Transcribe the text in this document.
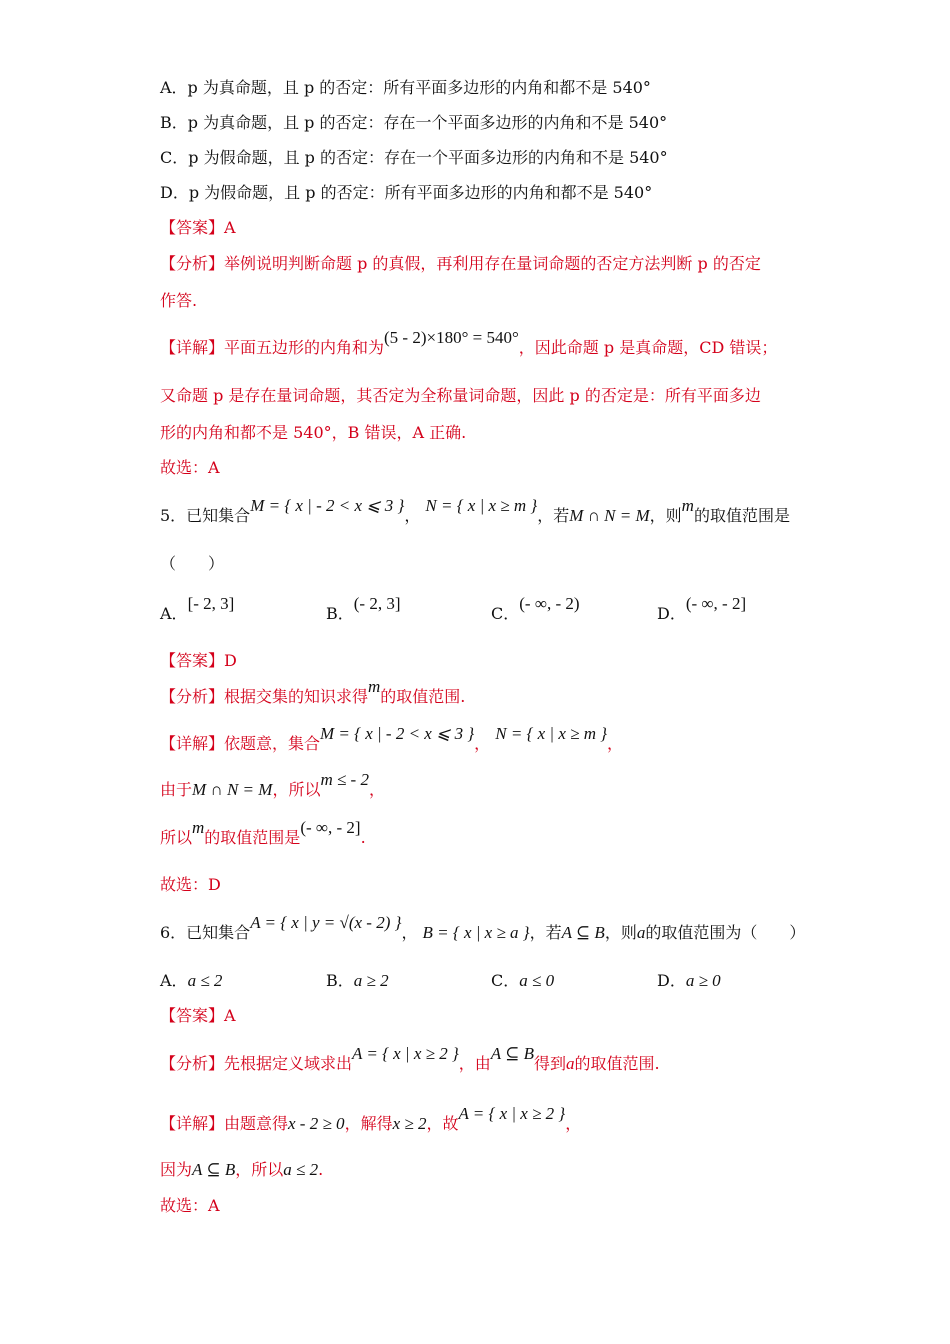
A．p 为真命题，且 p 的否定：所有平面多边形的内角和都不是 540°
B．p 为真命题，且 p 的否定：存在一个平面多边形的内角和不是 540°
C．p 为假命题，且 p 的否定：存在一个平面多边形的内角和不是 540°
D．p 为假命题，且 p 的否定：所有平面多边形的内角和都不是 540°
【答案】A
【分析】举例说明判断命题 p 的真假，再利用存在量词命题的否定方法判断 p 的否定
作答.
【详解】平面五边形的内角和为(5 - 2)×180° = 540°，因此命题 p 是真命题，CD 错误；
又命题 p 是存在量词命题，其否定为全称量词命题，因此 p 的否定是：所有平面多边
形的内角和都不是 540°，B 错误，A 正确.
故选：A
5．已知集合M = { x | - 2 < x ⩽ 3 }， N = { x | x ≥ m }，若M ∩ N = M，则m的取值范围是
（　　）
A．[- 2, 3]
B．(- 2, 3]
C．(- ∞, - 2)
D．(- ∞, - 2]
【答案】D
【分析】根据交集的知识求得m的取值范围.
【详解】依题意，集合M = { x | - 2 < x ⩽ 3 }， N = { x | x ≥ m }，
由于M ∩ N = M，所以m ≤ - 2，
所以m的取值范围是(- ∞, - 2].
故选：D
6．已知集合A = { x | y = √(x - 2) }， B = { x | x ≥ a }，若A ⊆ B，则a的取值范围为（　　）
A．a ≤ 2	B．a ≥ 2	C．a ≤ 0	D．a ≥ 0
【答案】A
【分析】先根据定义域求出A = { x | x ≥ 2 }，由A ⊆ B得到a的取值范围.
【详解】由题意得x - 2 ≥ 0，解得x ≥ 2，故A = { x | x ≥ 2 }，
因为A ⊆ B，所以a ≤ 2.
故选：A
